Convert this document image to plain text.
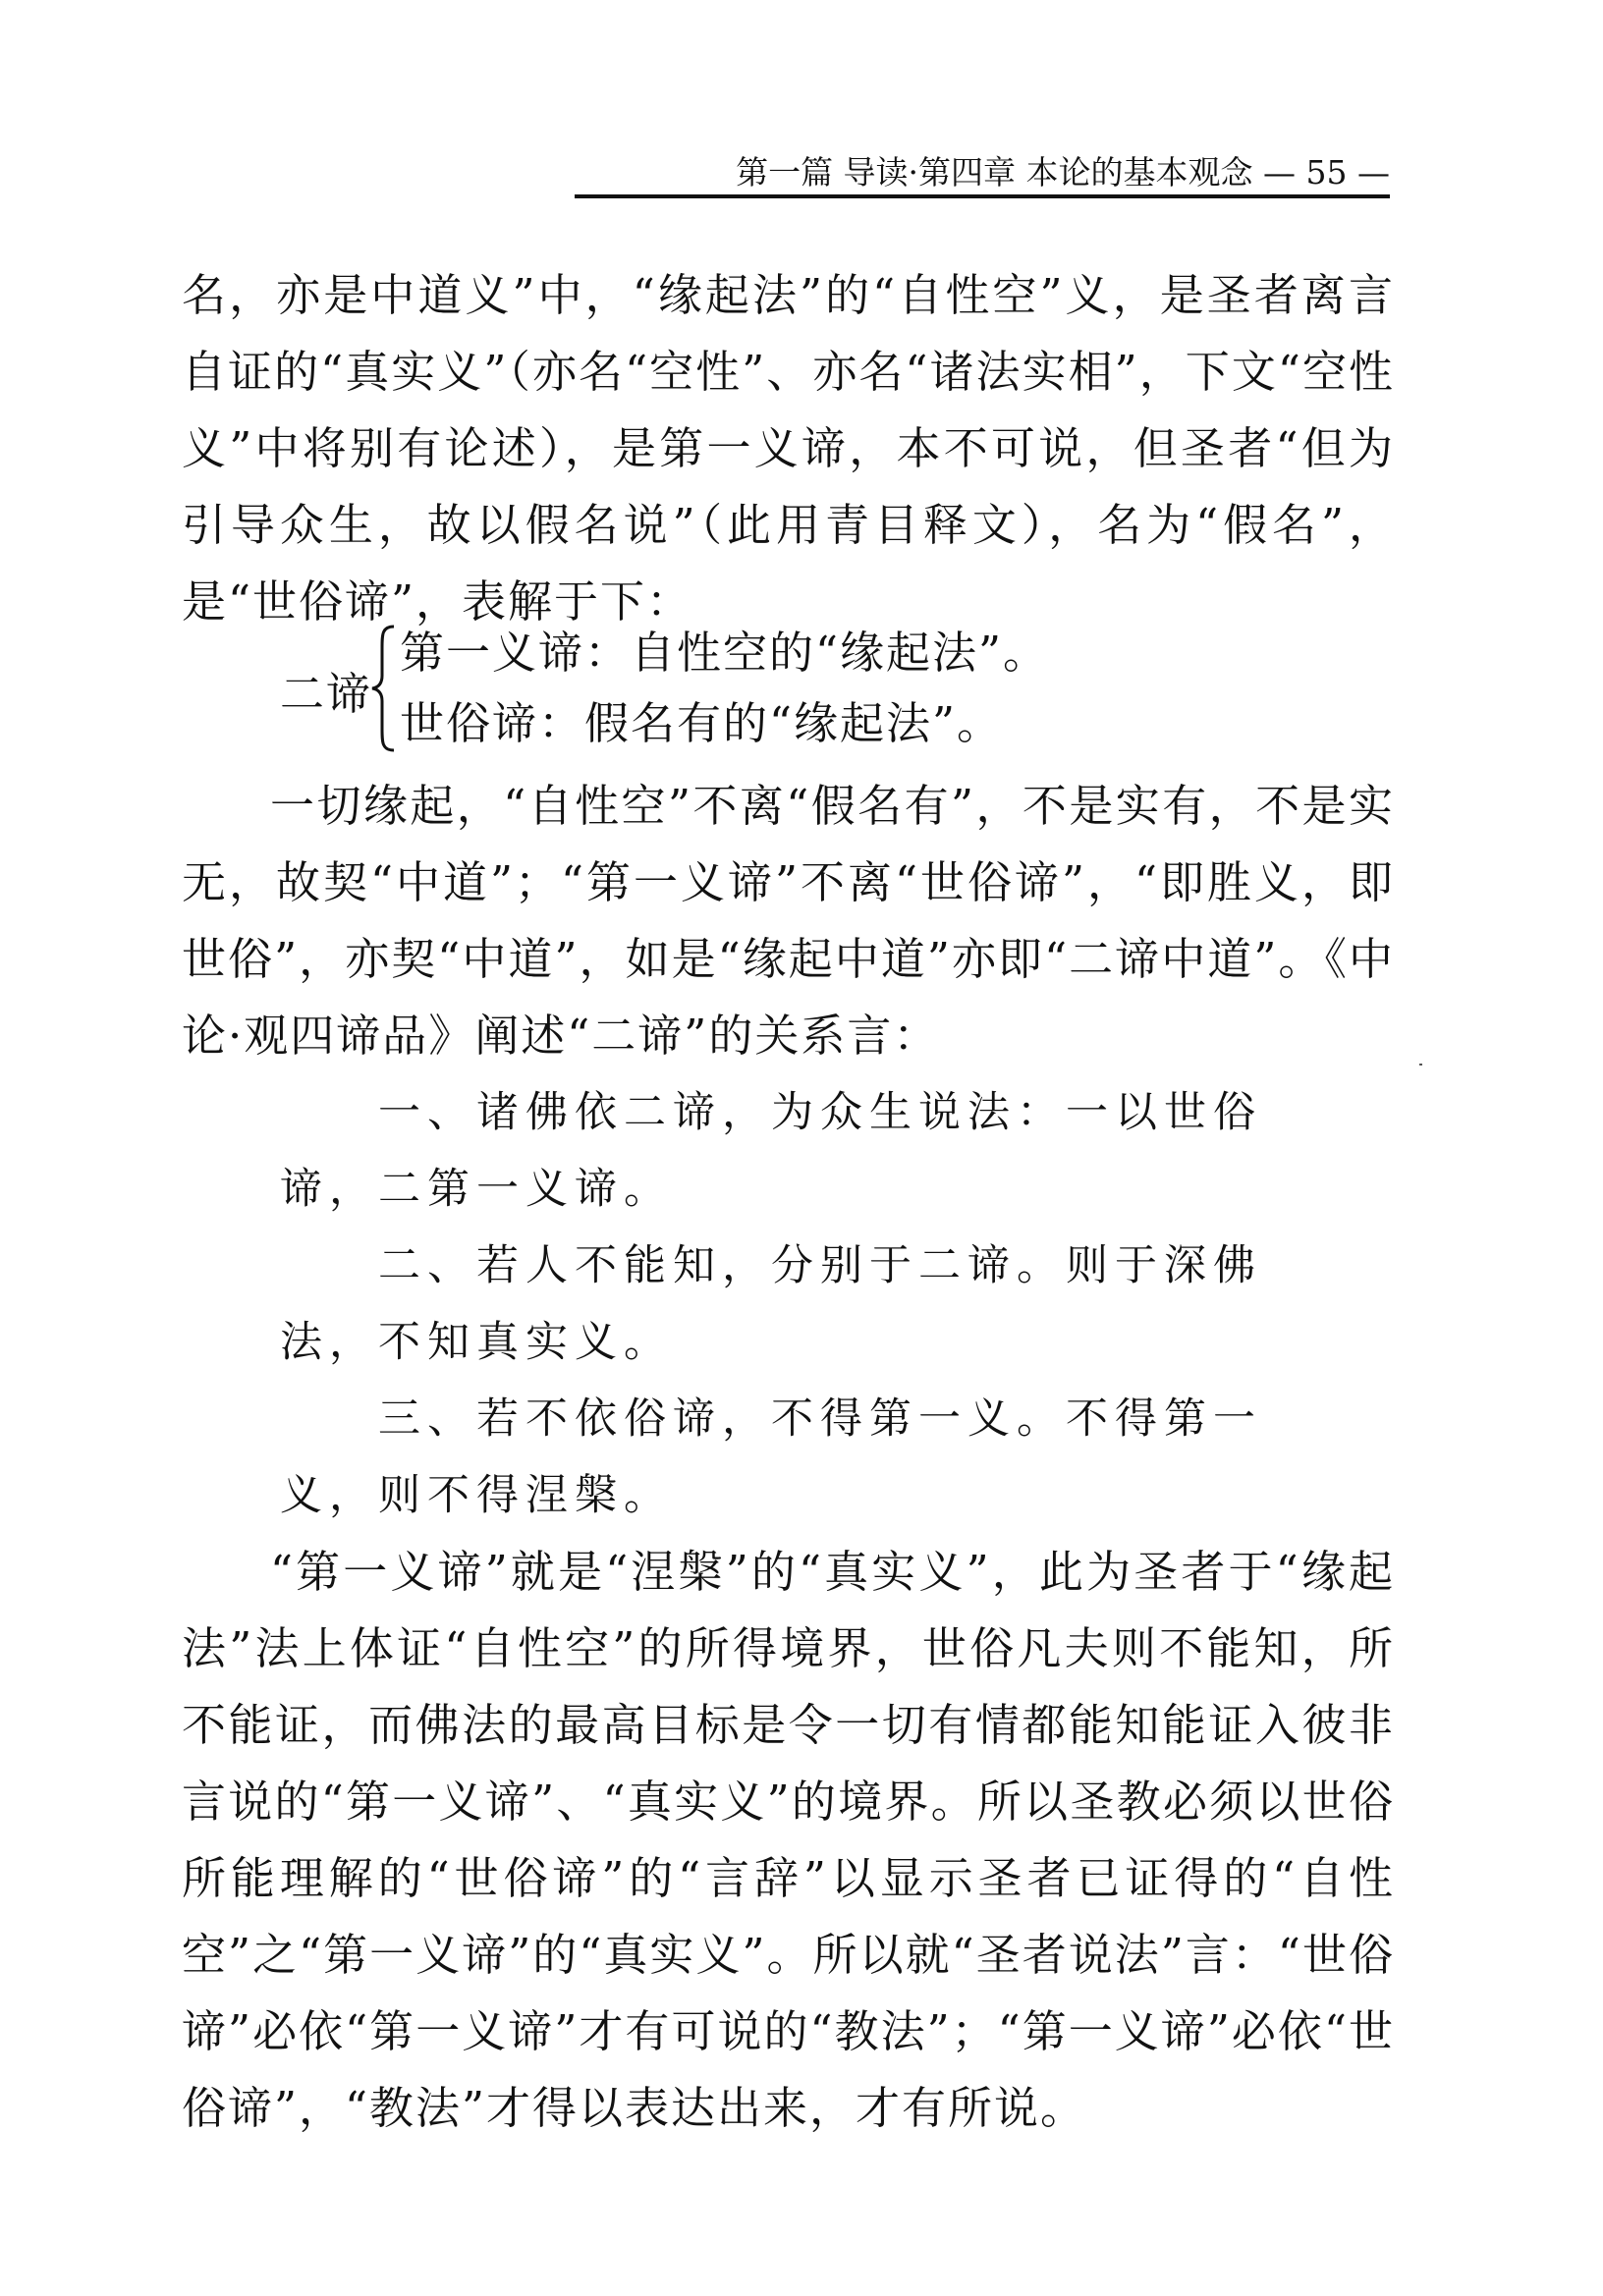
第一篇 导读·第四章 本论的基本观念 — 55 —

名，亦是中道义”中，“缘起法”的“自性空”义，是圣者离言自证的“真实义”（亦名“空性”、亦名“诸法实相”，下文“空性义”中将别有论述），是第一义谛，本不可说，但圣者“但为引导众生，故以假名说”（此用青目释文），名为“假名”，是“世俗谛”，表解于下：

二谛
第一义谛：自性空的“缘起法”。
世俗谛：假名有的“缘起法”。

一切缘起，“自性空”不离“假名有”，不是实有，不是实无，故契“中道”；“第一义谛”不离“世俗谛”，“即胜义，即世俗”，亦契“中道”，如是“缘起中道”亦即“二谛中道”。《中论·观四谛品》阐述“二谛”的关系言：

一、诸佛依二谛，为众生说法：一以世俗谛，二第一义谛。

二、若人不能知，分别于二谛。则于深佛法，不知真实义。

三、若不依俗谛，不得第一义。不得第一义，则不得涅槃。

“第一义谛”就是“涅槃”的“真实义”，此为圣者于“缘起法”法上体证“自性空”的所得境界，世俗凡夫则不能知，所不能证，而佛法的最高目标是令一切有情都能知能证入彼非言说的“第一义谛”、“真实义”的境界。所以圣教必须以世俗所能理解的“世俗谛”的“言辞”以显示圣者已证得的“自性空”之“第一义谛”的“真实义”。所以就“圣者说法”言：“世俗谛”必依“第一义谛”才有可说的“教法”；“第一义谛”必依“世俗谛”，“教法”才得以表达出来，才有所说。
